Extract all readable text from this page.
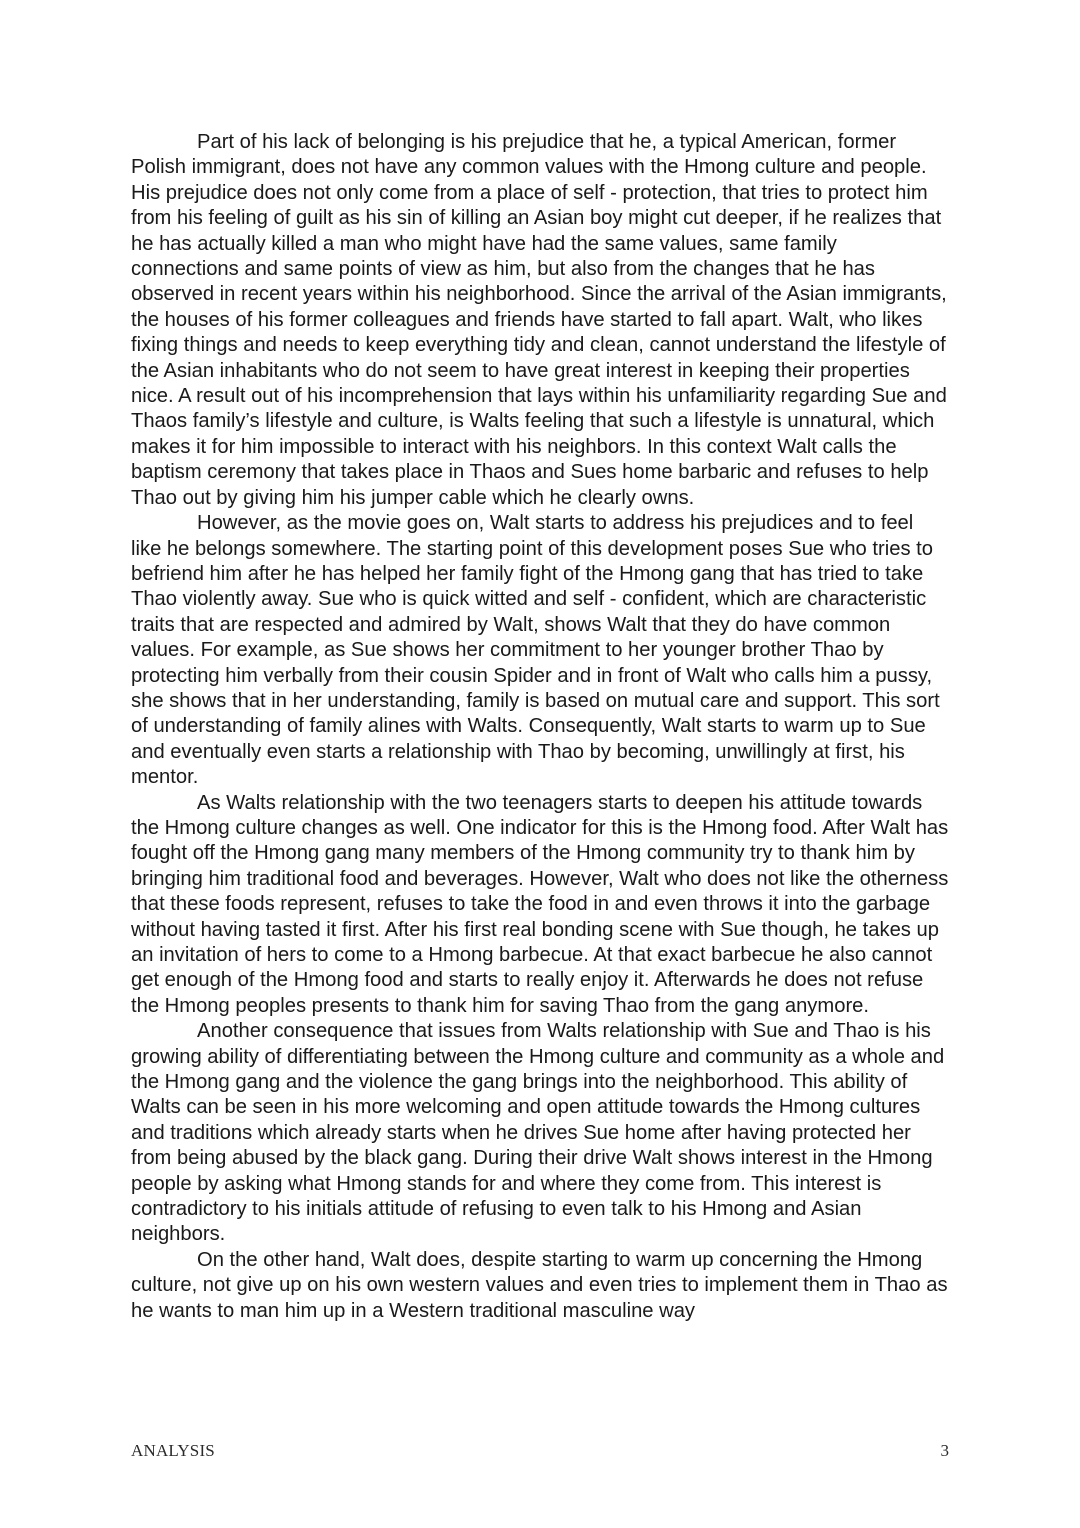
Part of his lack of belonging is his prejudice that he, a typical American, former Polish immigrant, does not have any common values with the Hmong culture and people. His prejudice does not only come from a place of self - protection, that tries to protect him from his feeling of guilt as his sin of killing an Asian boy might cut deeper, if he realizes that he has actually killed a man who might have had the same values, same family connections and same points of view as him, but also from the changes that he has observed in recent years within his neighborhood. Since the arrival of the Asian immigrants, the houses of his former colleagues and friends have started to fall apart. Walt, who likes fixing things and needs to keep everything tidy and clean, cannot understand the lifestyle of the Asian inhabitants who do not seem to have great interest in keeping their properties nice. A result out of his incomprehension that lays within his unfamiliarity regarding Sue and Thaos family’s lifestyle and culture, is Walts feeling that such a lifestyle is unnatural, which makes it for him impossible to interact with his neighbors. In this context Walt calls the baptism ceremony that takes place in Thaos and Sues home barbaric and refuses to help Thao out by giving him his jumper cable which he clearly owns.

However, as the movie goes on, Walt starts to address his prejudices and to feel like he belongs somewhere. The starting point of this development poses Sue who tries to befriend him after he has helped her family fight of the Hmong gang that has tried to take Thao violently away. Sue who is quick witted and self - confident, which are characteristic traits that are respected and admired by Walt, shows Walt that they do have common values. For example, as Sue shows her commitment to her younger brother Thao by protecting him verbally from their cousin Spider and in front of Walt who calls him a pussy, she shows that in her understanding, family is based on mutual care and support. This sort of understanding of family alines with Walts. Consequently, Walt starts to warm up to Sue and eventually even starts a relationship with Thao by becoming, unwillingly at first, his mentor.

As Walts relationship with the two teenagers starts to deepen his attitude towards the Hmong culture changes as well. One indicator for this is the Hmong food. After Walt has fought off the Hmong gang many members of the Hmong community try to thank him by bringing him traditional food and beverages. However, Walt who does not like the otherness that these foods represent, refuses to take the food in and even throws it into the garbage without having tasted it first. After his first real bonding scene with Sue though, he takes up an invitation of hers to come to a Hmong barbecue. At that exact barbecue he also cannot get enough of the Hmong food and starts to really enjoy it. Afterwards he does not refuse the Hmong peoples presents to thank him for saving Thao from the gang anymore.

Another consequence that issues from Walts relationship with Sue and Thao is his growing ability of differentiating between the Hmong culture and community as a whole and the Hmong gang and the violence the gang brings into the neighborhood. This ability of Walts can be seen in his more welcoming and open attitude towards the Hmong cultures and traditions which already starts when he drives Sue home after having protected her from being abused by the black gang. During their drive Walt shows interest in the Hmong people by asking what Hmong stands for and where they come from. This interest is contradictory to his initials attitude of refusing to even talk to his Hmong and Asian neighbors.

On the other hand, Walt does, despite starting to warm up concerning the Hmong culture, not give up on his own western values and even tries to implement them in Thao as he wants to man him up in a Western traditional masculine way

ANALYSIS	3
